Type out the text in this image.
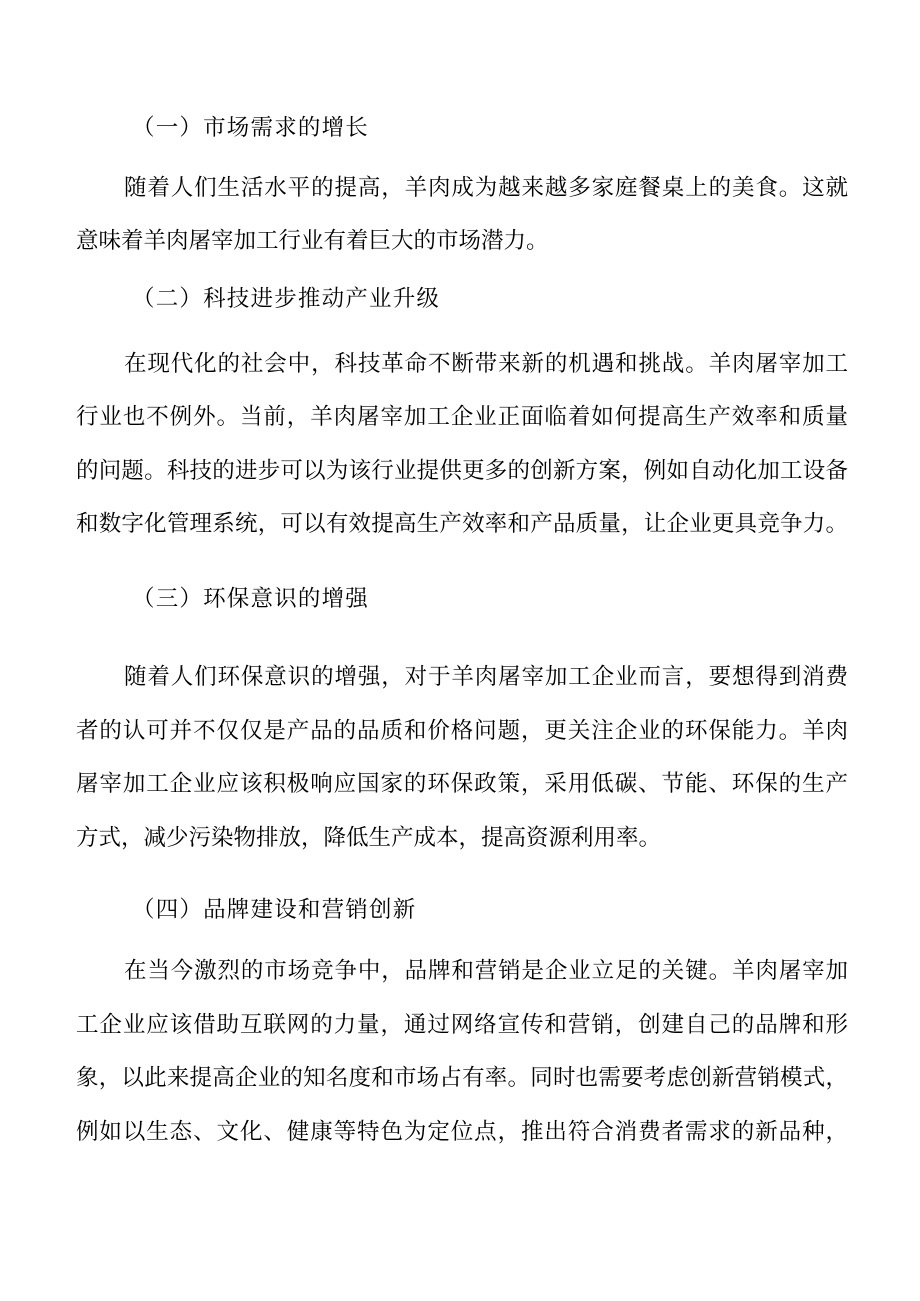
（一）市场需求的增长
随着人们生活水平的提高，羊肉成为越来越多家庭餐桌上的美食。这就
意味着羊肉屠宰加工行业有着巨大的市场潜力。
（二）科技进步推动产业升级
在现代化的社会中，科技革命不断带来新的机遇和挑战。羊肉屠宰加工
行业也不例外。当前，羊肉屠宰加工企业正面临着如何提高生产效率和质量
的问题。科技的进步可以为该行业提供更多的创新方案，例如自动化加工设备
和数字化管理系统，可以有效提高生产效率和产品质量，让企业更具竞争力。
（三）环保意识的增强
随着人们环保意识的增强，对于羊肉屠宰加工企业而言，要想得到消费
者的认可并不仅仅是产品的品质和价格问题，更关注企业的环保能力。羊肉
屠宰加工企业应该积极响应国家的环保政策，采用低碳、节能、环保的生产
方式，减少污染物排放，降低生产成本，提高资源利用率。
（四）品牌建设和营销创新
在当今激烈的市场竞争中，品牌和营销是企业立足的关键。羊肉屠宰加
工企业应该借助互联网的力量，通过网络宣传和营销，创建自己的品牌和形
象，以此来提高企业的知名度和市场占有率。同时也需要考虑创新营销模式，
例如以生态、文化、健康等特色为定位点，推出符合消费者需求的新品种，
